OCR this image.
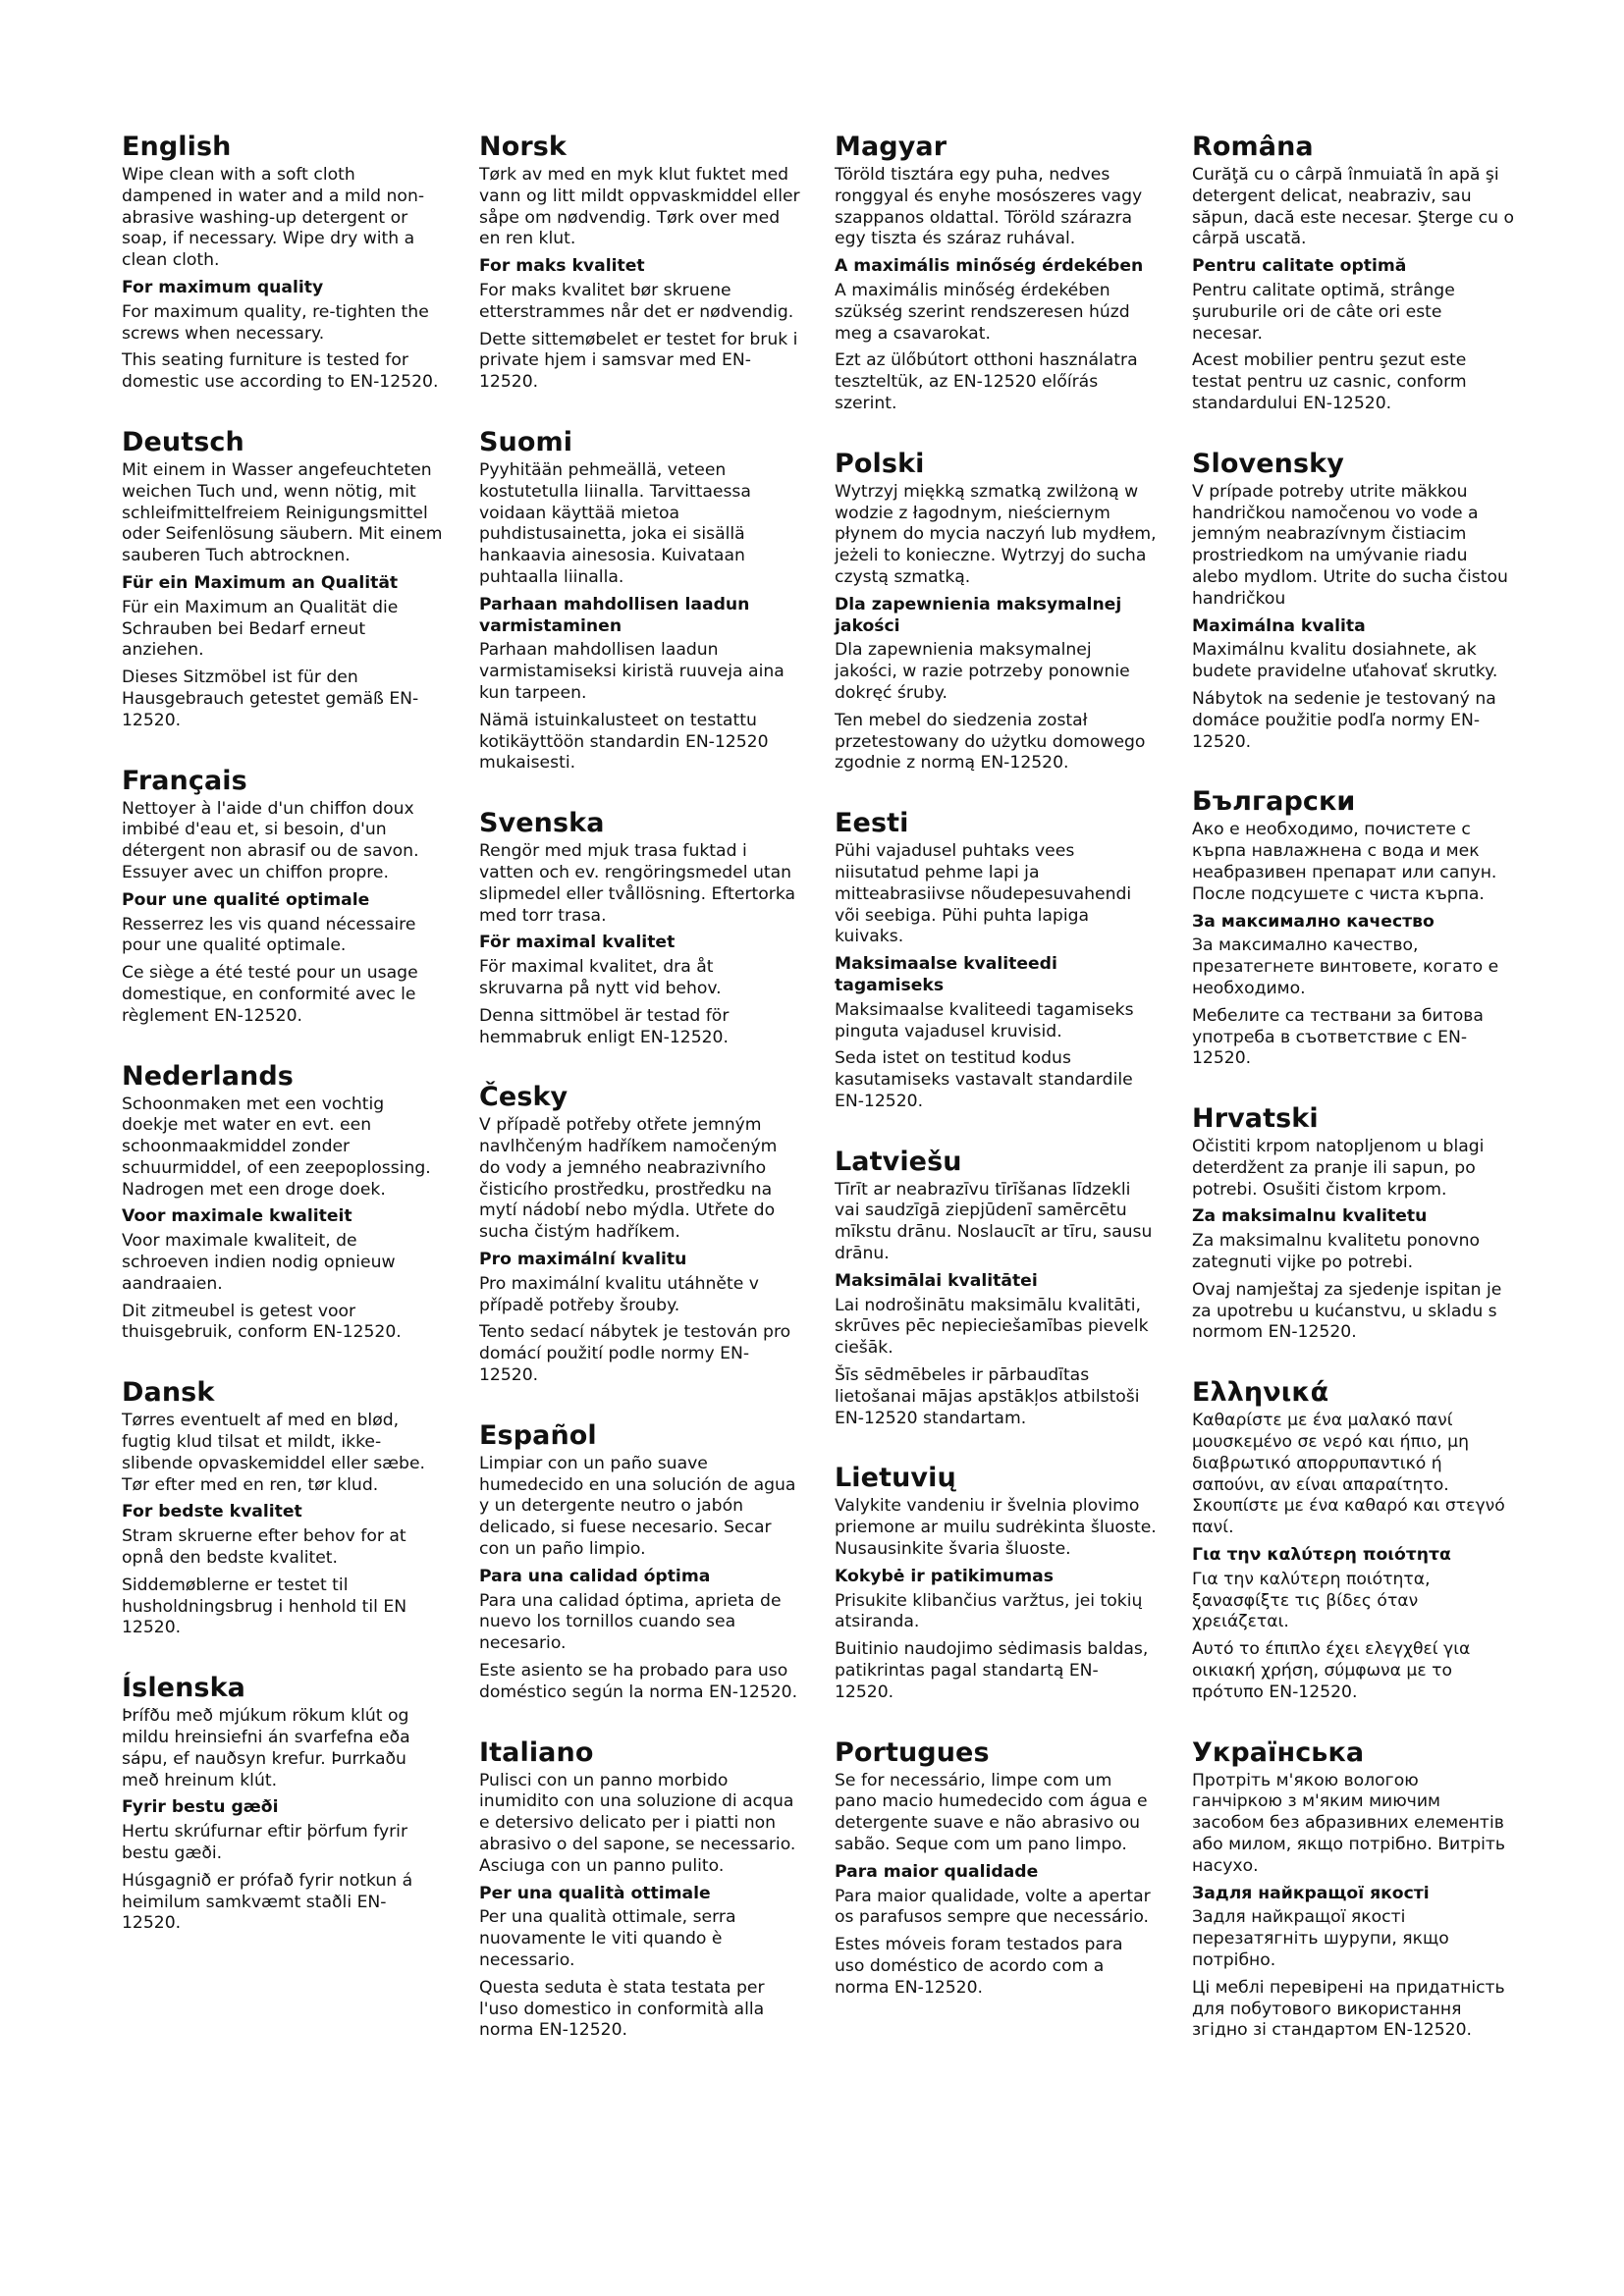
English
Wipe clean with a soft cloth dampened in water and a mild non-abrasive washing-up detergent or soap, if necessary. Wipe dry with a clean cloth.
For maximum quality
For maximum quality, re-tighten the screws when necessary.
This seating furniture is tested for domestic use according to EN-12520.
Deutsch
Mit einem in Wasser angefeuchteten weichen Tuch und, wenn nötig, mit schleifmittelfreiem Reinigungsmittel oder Seifenlösung säubern. Mit einem sauberen Tuch abtrocknen.
Für ein Maximum an Qualität
Für ein Maximum an Qualität die Schrauben bei Bedarf erneut anziehen.
Dieses Sitzmöbel ist für den Hausgebrauch getestet gemäß EN-12520.
Français
Nettoyer à l'aide d'un chiffon doux imbibé d'eau et, si besoin, d'un détergent non abrasif ou de savon. Essuyer avec un chiffon propre.
Pour une qualité optimale
Resserrez les vis quand nécessaire pour une qualité optimale.
Ce siège a été testé pour un usage domestique, en conformité avec le règlement EN-12520.
Nederlands
Schoonmaken met een vochtig doekje met water en evt. een schoonmaakmiddel zonder schuurmiddel, of een zeepoplossing. Nadrogen met een droge doek.
Voor maximale kwaliteit
Voor maximale kwaliteit, de schroeven indien nodig opnieuw aandraaien.
Dit zitmeubel is getest voor thuisgebruik, conform EN-12520.
Dansk
Tørres eventuelt af med en blød, fugtig klud tilsat et mildt, ikke-slibende opvaskemiddel eller sæbe. Tør efter med en ren, tør klud.
For bedste kvalitet
Stram skruerne efter behov for at opnå den bedste kvalitet.
Siddemøblerne er testet til husholdningsbrug i henhold til EN 12520.
Íslenska
Þrífðu með mjúkum rökum klút og mildu hreinsiefni án svarfefna eða sápu, ef nauðsyn krefur. Þurrkaðu með hreinum klút.
Fyrir bestu gæði
Hertu skrúfurnar eftir þörfum fyrir bestu gæði.
Húsgagnið er prófað fyrir notkun á heimilum samkvæmt staðli EN-12520.
Norsk
Tørk av med en myk klut fuktet med vann og litt mildt oppvaskmiddel eller såpe om nødvendig. Tørk over med en ren klut.
For maks kvalitet
For maks kvalitet bør skruene etterstrammes når det er nødvendig.
Dette sittemøbelet er testet for bruk i private hjem i samsvar med EN-12520.
Suomi
Pyyhitään pehmeällä, veteen kostutetulla liinalla. Tarvittaessa voidaan käyttää mietoa puhdistusainetta, joka ei sisällä hankaavia ainesosia. Kuivataan puhtaalla liinalla.
Parhaan mahdollisen laadun varmistaminen
Parhaan mahdollisen laadun varmistamiseksi kiristä ruuveja aina kun tarpeen.
Nämä istuinkalusteet on testattu kotikäyttöön standardin EN-12520 mukaisesti.
Svenska
Rengör med mjuk trasa fuktad i vatten och ev. rengöringsmedel utan slipmedel eller tvållösning. Eftertorka med torr trasa.
För maximal kvalitet
För maximal kvalitet, dra åt skruvarna på nytt vid behov.
Denna sittmöbel är testad för hemmabruk enligt EN-12520.
Česky
V případě potřeby otřete jemným navlhčeným hadříkem namočeným do vody a jemného neabrazivního čisticího prostředku, prostředku na mytí nádobí nebo mýdla. Utřete do sucha čistým hadříkem.
Pro maximální kvalitu
Pro maximální kvalitu utáhněte v případě potřeby šrouby.
Tento sedací nábytek je testován pro domácí použití podle normy EN-12520.
Español
Limpiar con un paño suave humedecido en una solución de agua y un detergente neutro o jabón delicado, si fuese necesario. Secar con un paño limpio.
Para una calidad óptima
Para una calidad óptima, aprieta de nuevo los tornillos cuando sea necesario.
Este asiento se ha probado para uso doméstico según la norma EN-12520.
Italiano
Pulisci con un panno morbido inumidito con una soluzione di acqua e detersivo delicato per i piatti non abrasivo o del sapone, se necessario. Asciuga con un panno pulito.
Per una qualità ottimale
Per una qualità ottimale, serra nuovamente le viti quando è necessario.
Questa seduta è stata testata per l'uso domestico in conformità alla norma EN-12520.
Magyar
Töröld tisztára egy puha, nedves ronggyal és enyhe mosószeres vagy szappanos oldattal. Töröld szárazra egy tiszta és száraz ruhával.
A maximális minőség érdekében
A maximális minőség érdekében szükség szerint rendszeresen húzd meg a csavarokat.
Ezt az ülőbútort otthoni használatra teszteltük, az EN-12520 előírás szerint.
Polski
Wytrzyj miękką szmatką zwilżoną w wodzie z łagodnym, nieściernym płynem do mycia naczyń lub mydłem, jeżeli to konieczne. Wytrzyj do sucha czystą szmatką.
Dla zapewnienia maksymalnej jakości
Dla zapewnienia maksymalnej jakości, w razie potrzeby ponownie dokręć śruby.
Ten mebel do siedzenia został przetestowany do użytku domowego zgodnie z normą EN-12520.
Eesti
Pühi vajadusel puhtaks vees niisutatud pehme lapi ja mitteabrasiivse nõudepesuvahendi või seebiga. Pühi puhta lapiga kuivaks.
Maksimaalse kvaliteedi tagamiseks
Maksimaalse kvaliteedi tagamiseks pinguta vajadusel kruvisid.
Seda istet on testitud kodus kasutamiseks vastavalt standardile EN-12520.
Latviešu
Tīrīt ar neabrazīvu tīrīšanas līdzekli vai saudzīgā ziepjūdenī samērcētu mīkstu drānu. Noslaucīt ar tīru, sausu drānu.
Maksimālai kvalitātei
Lai nodrošinātu maksimālu kvalitāti, skrūves pēc nepieciešamības pievelk ciešāk.
Šīs sēdmēbeles ir pārbaudītas lietošanai mājas apstākļos atbilstoši EN-12520 standartam.
Lietuvių
Valykite vandeniu ir švelnia plovimo priemone ar muilu sudrėkinta šluoste. Nusausinkite švaria šluoste.
Kokybė ir patikimumas
Prisukite klibančius varžtus, jei tokių atsiranda.
Buitinio naudojimo sėdimasis baldas, patikrintas pagal standartą EN-12520.
Portugues
Se for necessário, limpe com um pano macio humedecido com água e detergente suave e não abrasivo ou sabão. Seque com um pano limpo.
Para maior qualidade
Para maior qualidade, volte a apertar os parafusos sempre que necessário.
Estes móveis foram testados para uso doméstico de acordo com a norma EN-12520.
Româna
Curăţă cu o cârpă înmuiată în apă şi detergent delicat, neabraziv, sau săpun, dacă este necesar. Şterge cu o cârpă uscată.
Pentru calitate optimă
Pentru calitate optimă, strânge şuruburile ori de câte ori este necesar.
Acest mobilier pentru şezut este testat pentru uz casnic, conform standardului EN-12520.
Slovensky
V prípade potreby utrite mäkkou handričkou namočenou vo vode a jemným neabrazívnym čistiacim prostriedkom na umývanie riadu alebo mydlom. Utrite do sucha čistou handričkou
Maximálna kvalita
Maximálnu kvalitu dosiahnete, ak budete pravidelne uťahovať skrutky.
Nábytok na sedenie je testovaný na domáce použitie podľa normy EN-12520.
Български
Ако е необходимо, почистете с кърпа навлажнена с вода и мек неабразивен препарат или сапун. После подсушете с чиста кърпа.
За максимално качество
За максимално качество, презатегнете винтовете, когато е необходимо.
Мебелите са тествани за битова употреба в съответствие с EN-12520.
Hrvatski
Očistiti krpom natopljenom u blagi deterdžent za pranje ili sapun, po potrebi. Osušiti čistom krpom.
Za maksimalnu kvalitetu
Za maksimalnu kvalitetu ponovno zategnuti vijke po potrebi.
Ovaj namještaj za sjedenje ispitan je za upotrebu u kućanstvu, u skladu s normom EN-12520.
Ελληνικά
Καθαρίστε με ένα μαλακό πανί μουσκεμένο σε νερό και ήπιο, μη διαβρωτικό απορρυπαντικό ή σαπούνι, αν είναι απαραίτητο. Σκουπίστε με ένα καθαρό και στεγνό πανί.
Για την καλύτερη ποιότητα
Για την καλύτερη ποιότητα, ξανασφίξτε τις βίδες όταν χρειάζεται.
Αυτό το έπιπλο έχει ελεγχθεί για οικιακή χρήση, σύμφωνα με το πρότυπο EN-12520.
Українська
Протріть м'якою вологою ганчіркою з м'яким миючим засобом без абразивних елементів або милом, якщо потрібно. Витріть насухо.
Задля найкращої якості
Задля найкращої якості перезатягніть шурупи, якщо потрібно.
Ці меблі перевірені на придатність для побутового використання згідно зі стандартом EN-12520.
